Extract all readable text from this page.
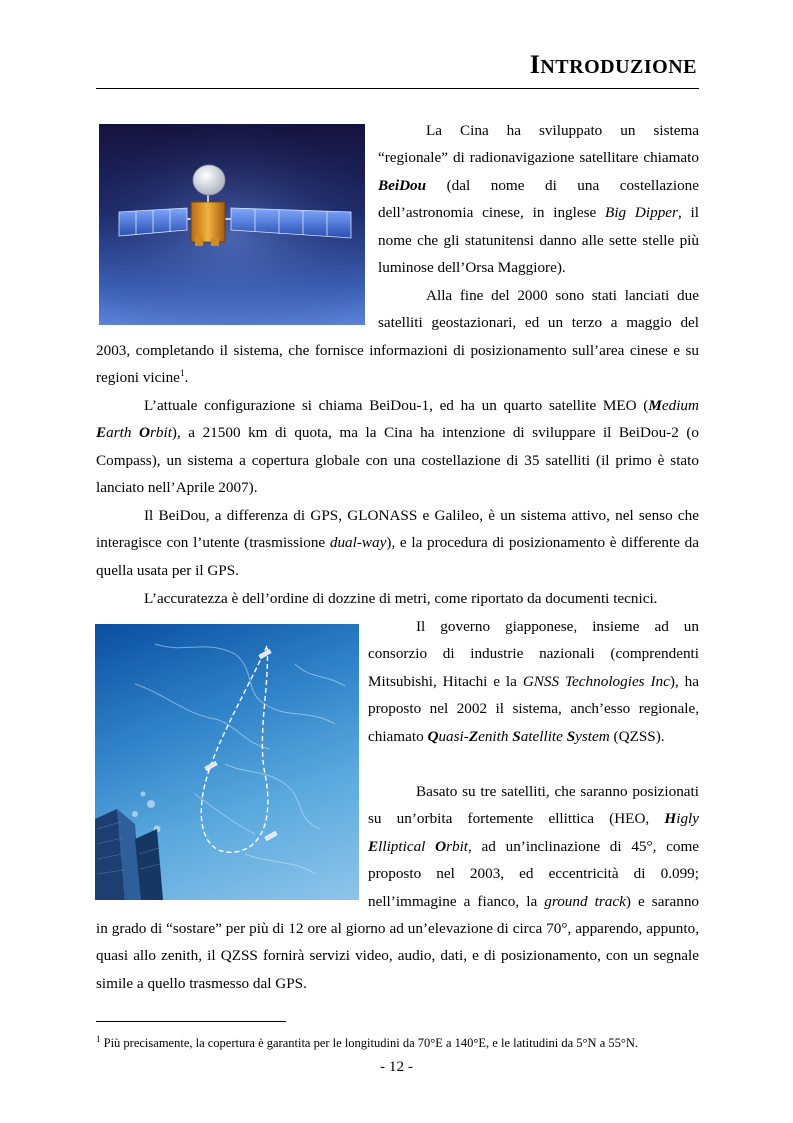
INTRODUZIONE

La Cina ha sviluppato un sistema “regionale” di radionavigazione satellitare chiamato BeiDou (dal nome di una costellazione dell’astronomia cinese, in inglese Big Dipper, il nome che gli statunitensi danno alle sette stelle più luminose dell’Orsa Maggiore).

Alla fine del 2000 sono stati lanciati due satelliti geostazionari, ed un terzo a maggio del

2003, completando il sistema, che fornisce informazioni di posizionamento sull’area cinese e su regioni vicine$^1$.

L’attuale configurazione si chiama BeiDou-1, ed ha un quarto satellite MEO (Medium Earth Orbit), a 21500 km di quota, ma la Cina ha intenzione di sviluppare il BeiDou-2 (o Compass), un sistema a copertura globale con una costellazione di 35 satelliti (il primo è stato lanciato nell’Aprile 2007).

Il BeiDou, a differenza di GPS, GLONASS e Galileo, è un sistema attivo, nel senso che interagisce con l’utente (trasmissione dual-way), e la procedura di posizionamento è differente da quella usata per il GPS.

L’accuratezza è dell’ordine di dozzine di metri, come riportato da documenti tecnici.

Il governo giapponese, insieme ad un consorzio di industrie nazionali (comprendenti Mitsubishi, Hitachi e la GNSS Technologies Inc), ha proposto nel 2002 il sistema, anch’esso regionale, chiamato Quasi-Zenith Satellite System (QZSS).

Basato su tre satelliti, che saranno posizionati su un’orbita fortemente ellittica (HEO, Higly Elliptical Orbit, ad un’inclinazione di 45°, come proposto nel 2003, ed eccentricità di 0.099; nell’immagine a fianco, la ground track) e saranno

in grado di “sostare” per più di 12 ore al giorno ad un’elevazione di circa 70°, apparendo, appunto, quasi allo zenith, il QZSS fornirà servizi video, audio, dati, e di posizionamento, con un segnale simile a quello trasmesso dal GPS.

$^1$ Più precisamente, la copertura è garantita per le longitudini da 70°E a 140°E, e le latitudini da 5°N a 55°N.
- 12 -
